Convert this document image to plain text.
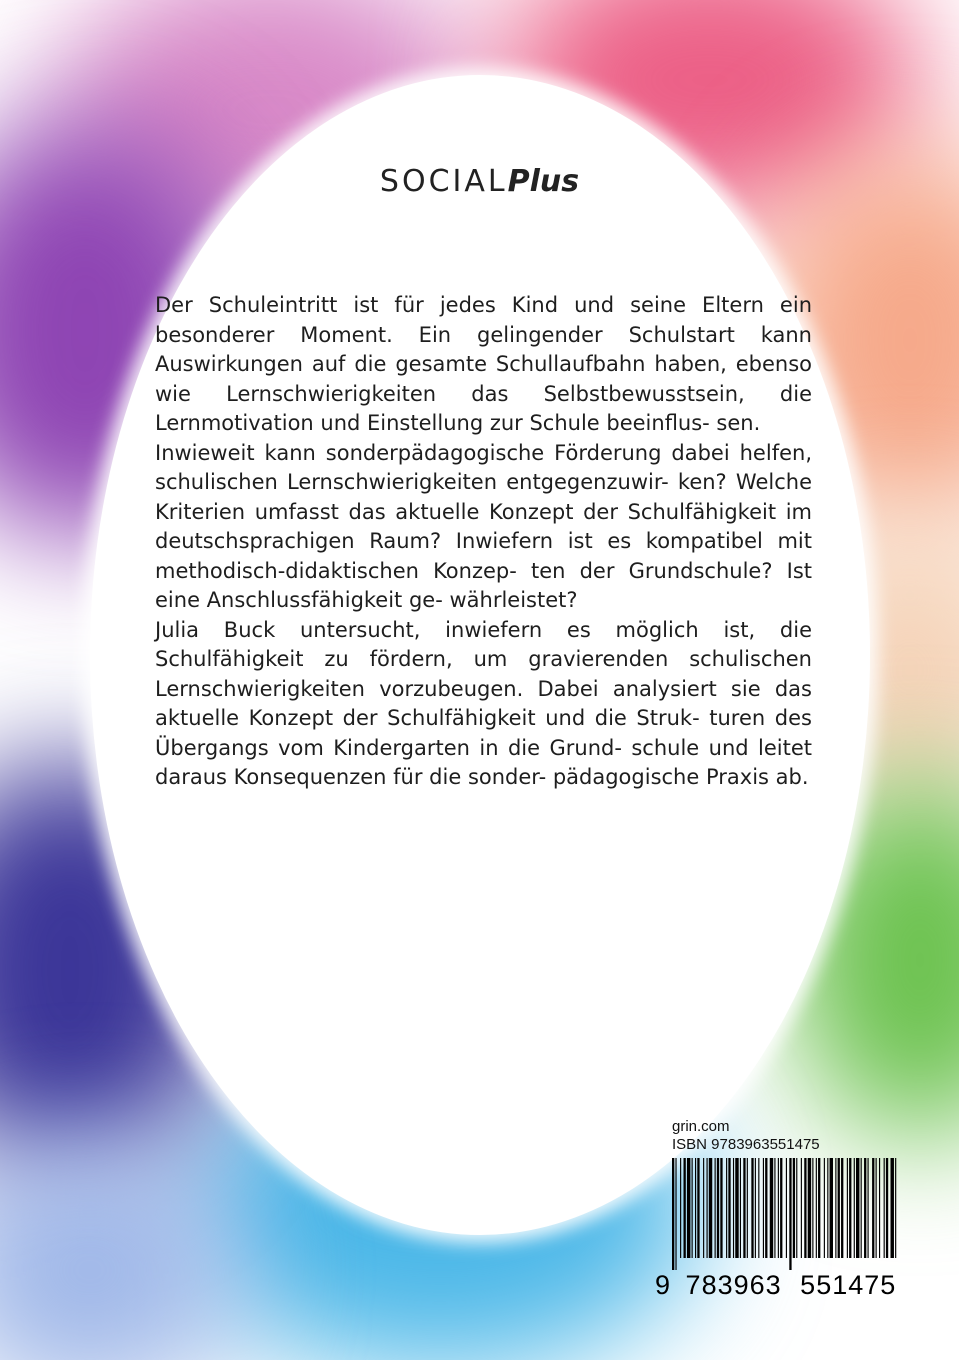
SOCIALPlus

Der Schuleintritt ist für jedes Kind und seine Eltern ein besonderer Moment. Ein gelingender Schulstart kann Auswirkungen auf die gesamte Schullaufbahn haben, ebenso wie Lernschwierigkeiten das Selbstbewusstsein, die Lernmotivation und Einstellung zur Schule beeinflus- sen.

Inwieweit kann sonderpädagogische Förderung dabei helfen, schulischen Lernschwierigkeiten entgegenzuwir- ken? Welche Kriterien umfasst das aktuelle Konzept der Schulfähigkeit im deutschsprachigen Raum? Inwiefern ist es kompatibel mit methodisch-didaktischen Konzep- ten der Grundschule? Ist eine Anschlussfähigkeit ge- währleistet?

Julia Buck untersucht, inwiefern es möglich ist, die Schulfähigkeit zu fördern, um gravierenden schulischen Lernschwierigkeiten vorzubeugen. Dabei analysiert sie das aktuelle Konzept der Schulfähigkeit und die Struk- turen des Übergangs vom Kindergarten in die Grund- schule und leitet daraus Konsequenzen für die sonder- pädagogische Praxis ab.

grin.com
ISBN 9783963551475
9 783963 551475
